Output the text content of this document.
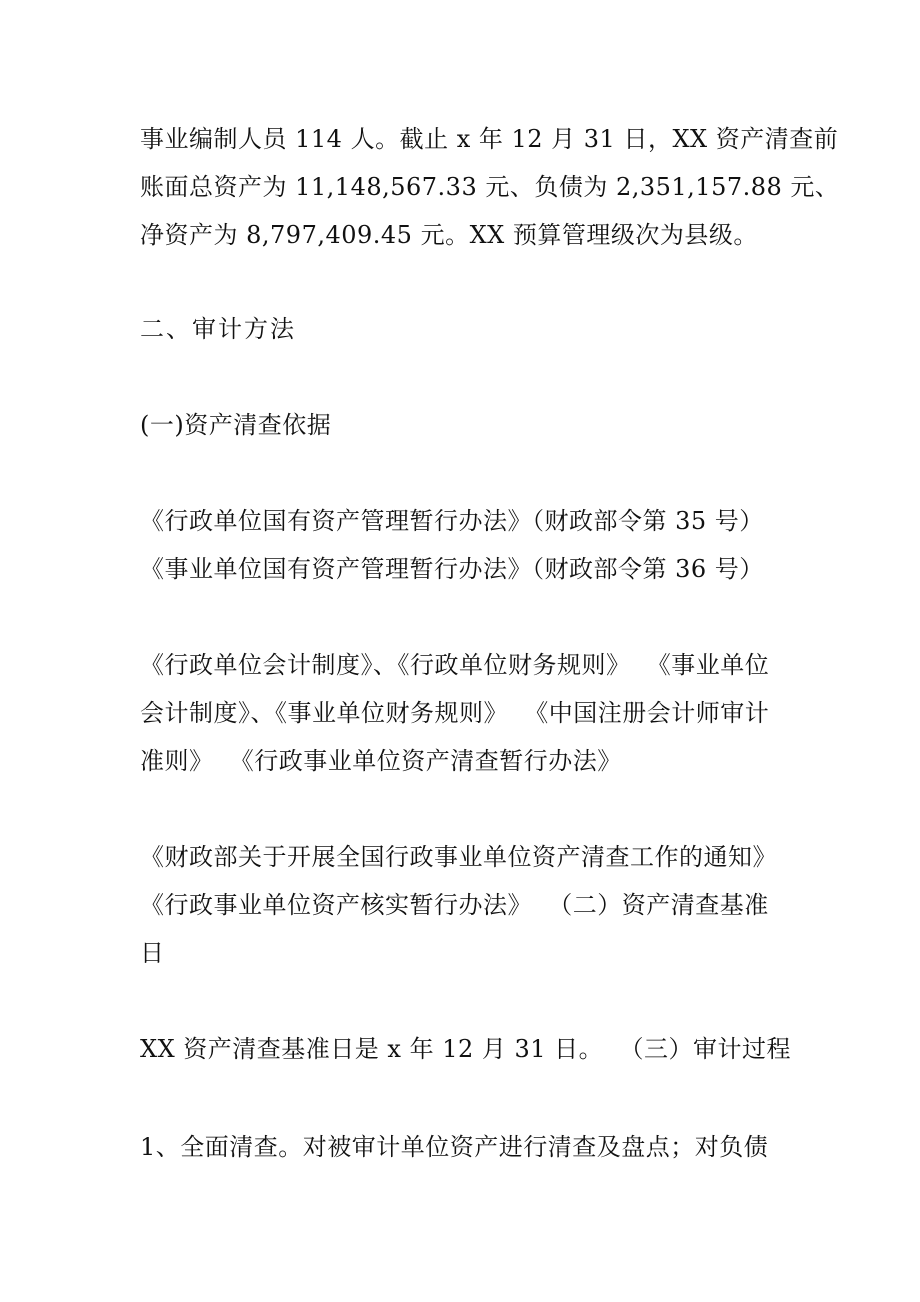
事业编制人员 114 人。截止 x 年 12 月 31 日，XX 资产清查前
账面总资产为 11,148,567.33 元、负债为 2,351,157.88 元、
净资产为 8,797,409.45 元。XX 预算管理级次为县级。
二、审计方法
(一)资产清查依据
《行政单位国有资产管理暂行办法》（财政部令第 35 号）
《事业单位国有资产管理暂行办法》（财政部令第 36 号）
《行政单位会计制度》、《行政单位财务规则》  《事业单位
会计制度》、《事业单位财务规则》  《中国注册会计师审计
准则》  《行政事业单位资产清查暂行办法》
《财政部关于开展全国行政事业单位资产清查工作的通知》
《行政事业单位资产核实暂行办法》  （二）资产清查基准
日
XX 资产清查基准日是 x 年 12 月 31 日。  （三）审计过程
1、全面清查。对被审计单位资产进行清查及盘点；对负债
